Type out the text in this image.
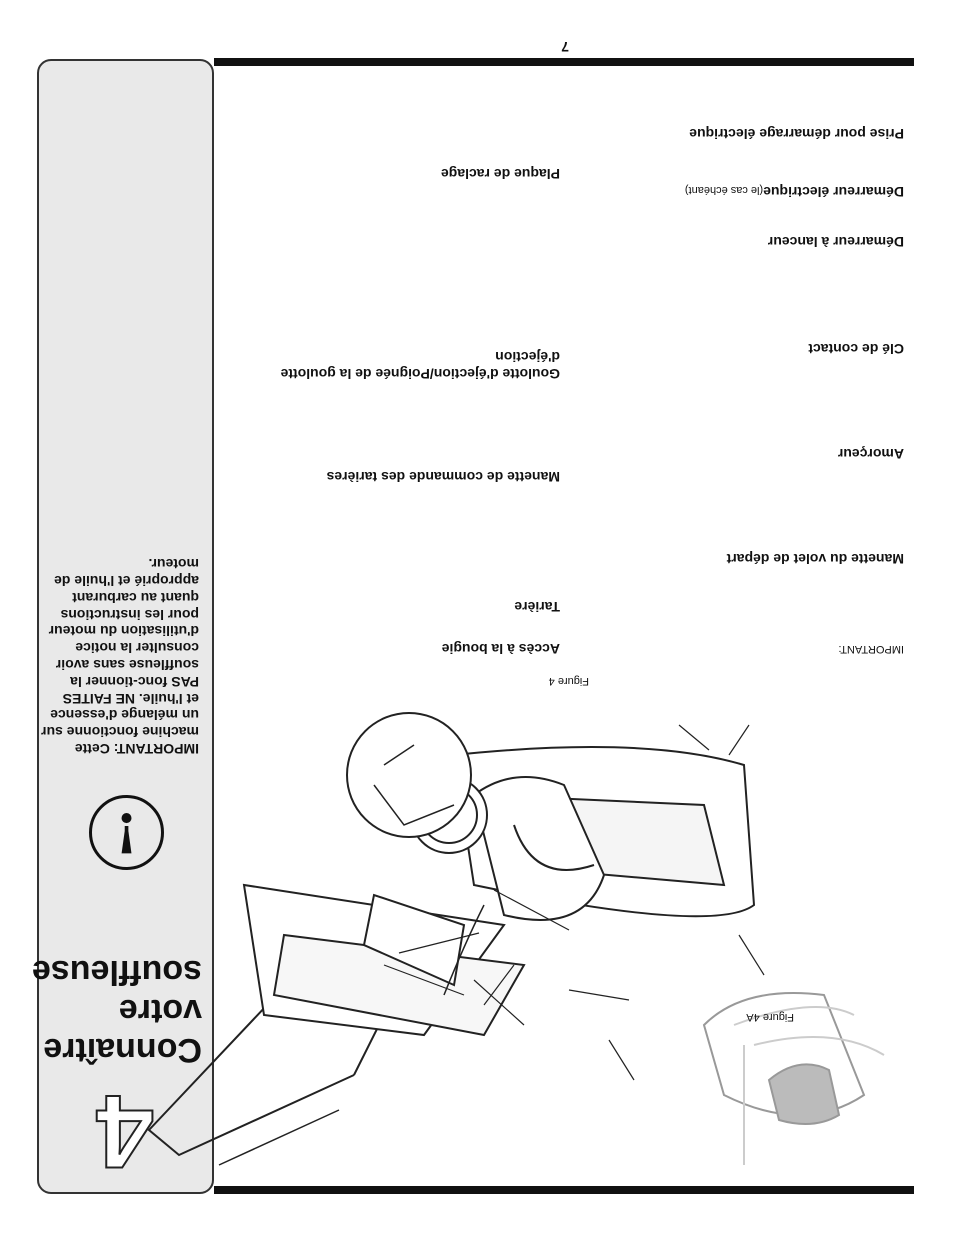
4
Connaître votre souffleuse
!
IMPORTANT: Cette machine fonctionne sur un mélange d'essence et l'huile. NE FAITES PAS fonc-tionner la souffleuse sans avoir consulter la notice d'utilisation du moteur pour les instructions quant au carburant approprié et l'huile de moteur.
Prise pour démarrage électrique
Démarreur électrique(le cas échéant)
Démarreur à lanceur
Clé de contact
Amorçeur
Manette du volet de départ
IMPORTANT:
Plaque de raclage
Goulotte d'éjection/Poignée de la goulotte d'éjection
Manette de commande des tarières
Tarière
Accès à la bougie
Figure 4
Figure 4A
7
